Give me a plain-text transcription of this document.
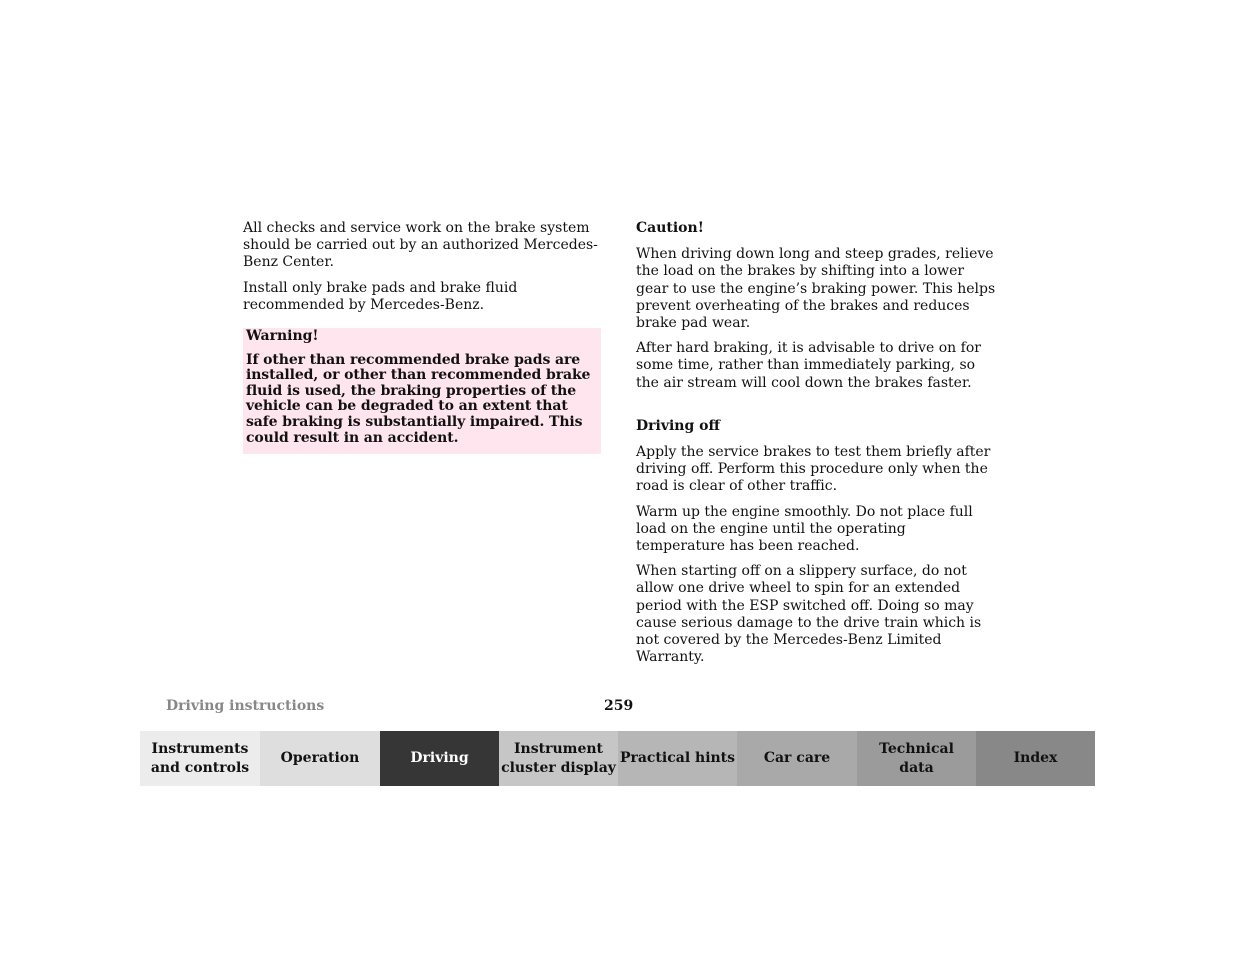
All checks and service work on the brake system should be carried out by an authorized Mercedes-Benz Center.

Install only brake pads and brake fluid recommended by Mercedes-Benz.

Warning!
If other than recommended brake pads are installed, or other than recommended brake fluid is used, the braking properties of the vehicle can be degraded to an extent that safe braking is substantially impaired. This could result in an accident.
Caution!

When driving down long and steep grades, relieve the load on the brakes by shifting into a lower gear to use the engine’s braking power. This helps prevent overheating of the brakes and reduces brake pad wear.

After hard braking, it is advisable to drive on for some time, rather than immediately parking, so the air stream will cool down the brakes faster.

Driving off

Apply the service brakes to test them briefly after driving off. Perform this procedure only when the road is clear of other traffic.

Warm up the engine smoothly. Do not place full load on the engine until the operating temperature has been reached.

When starting off on a slippery surface, do not allow one drive wheel to spin for an extended period with the ESP switched off. Doing so may cause serious damage to the drive train which is not covered by the Mercedes-Benz Limited Warranty.

Driving instructions	259
Instruments
and controls
Operation	Driving
Instrument
cluster display
Practical hints	Car care
Technical
data
Index
